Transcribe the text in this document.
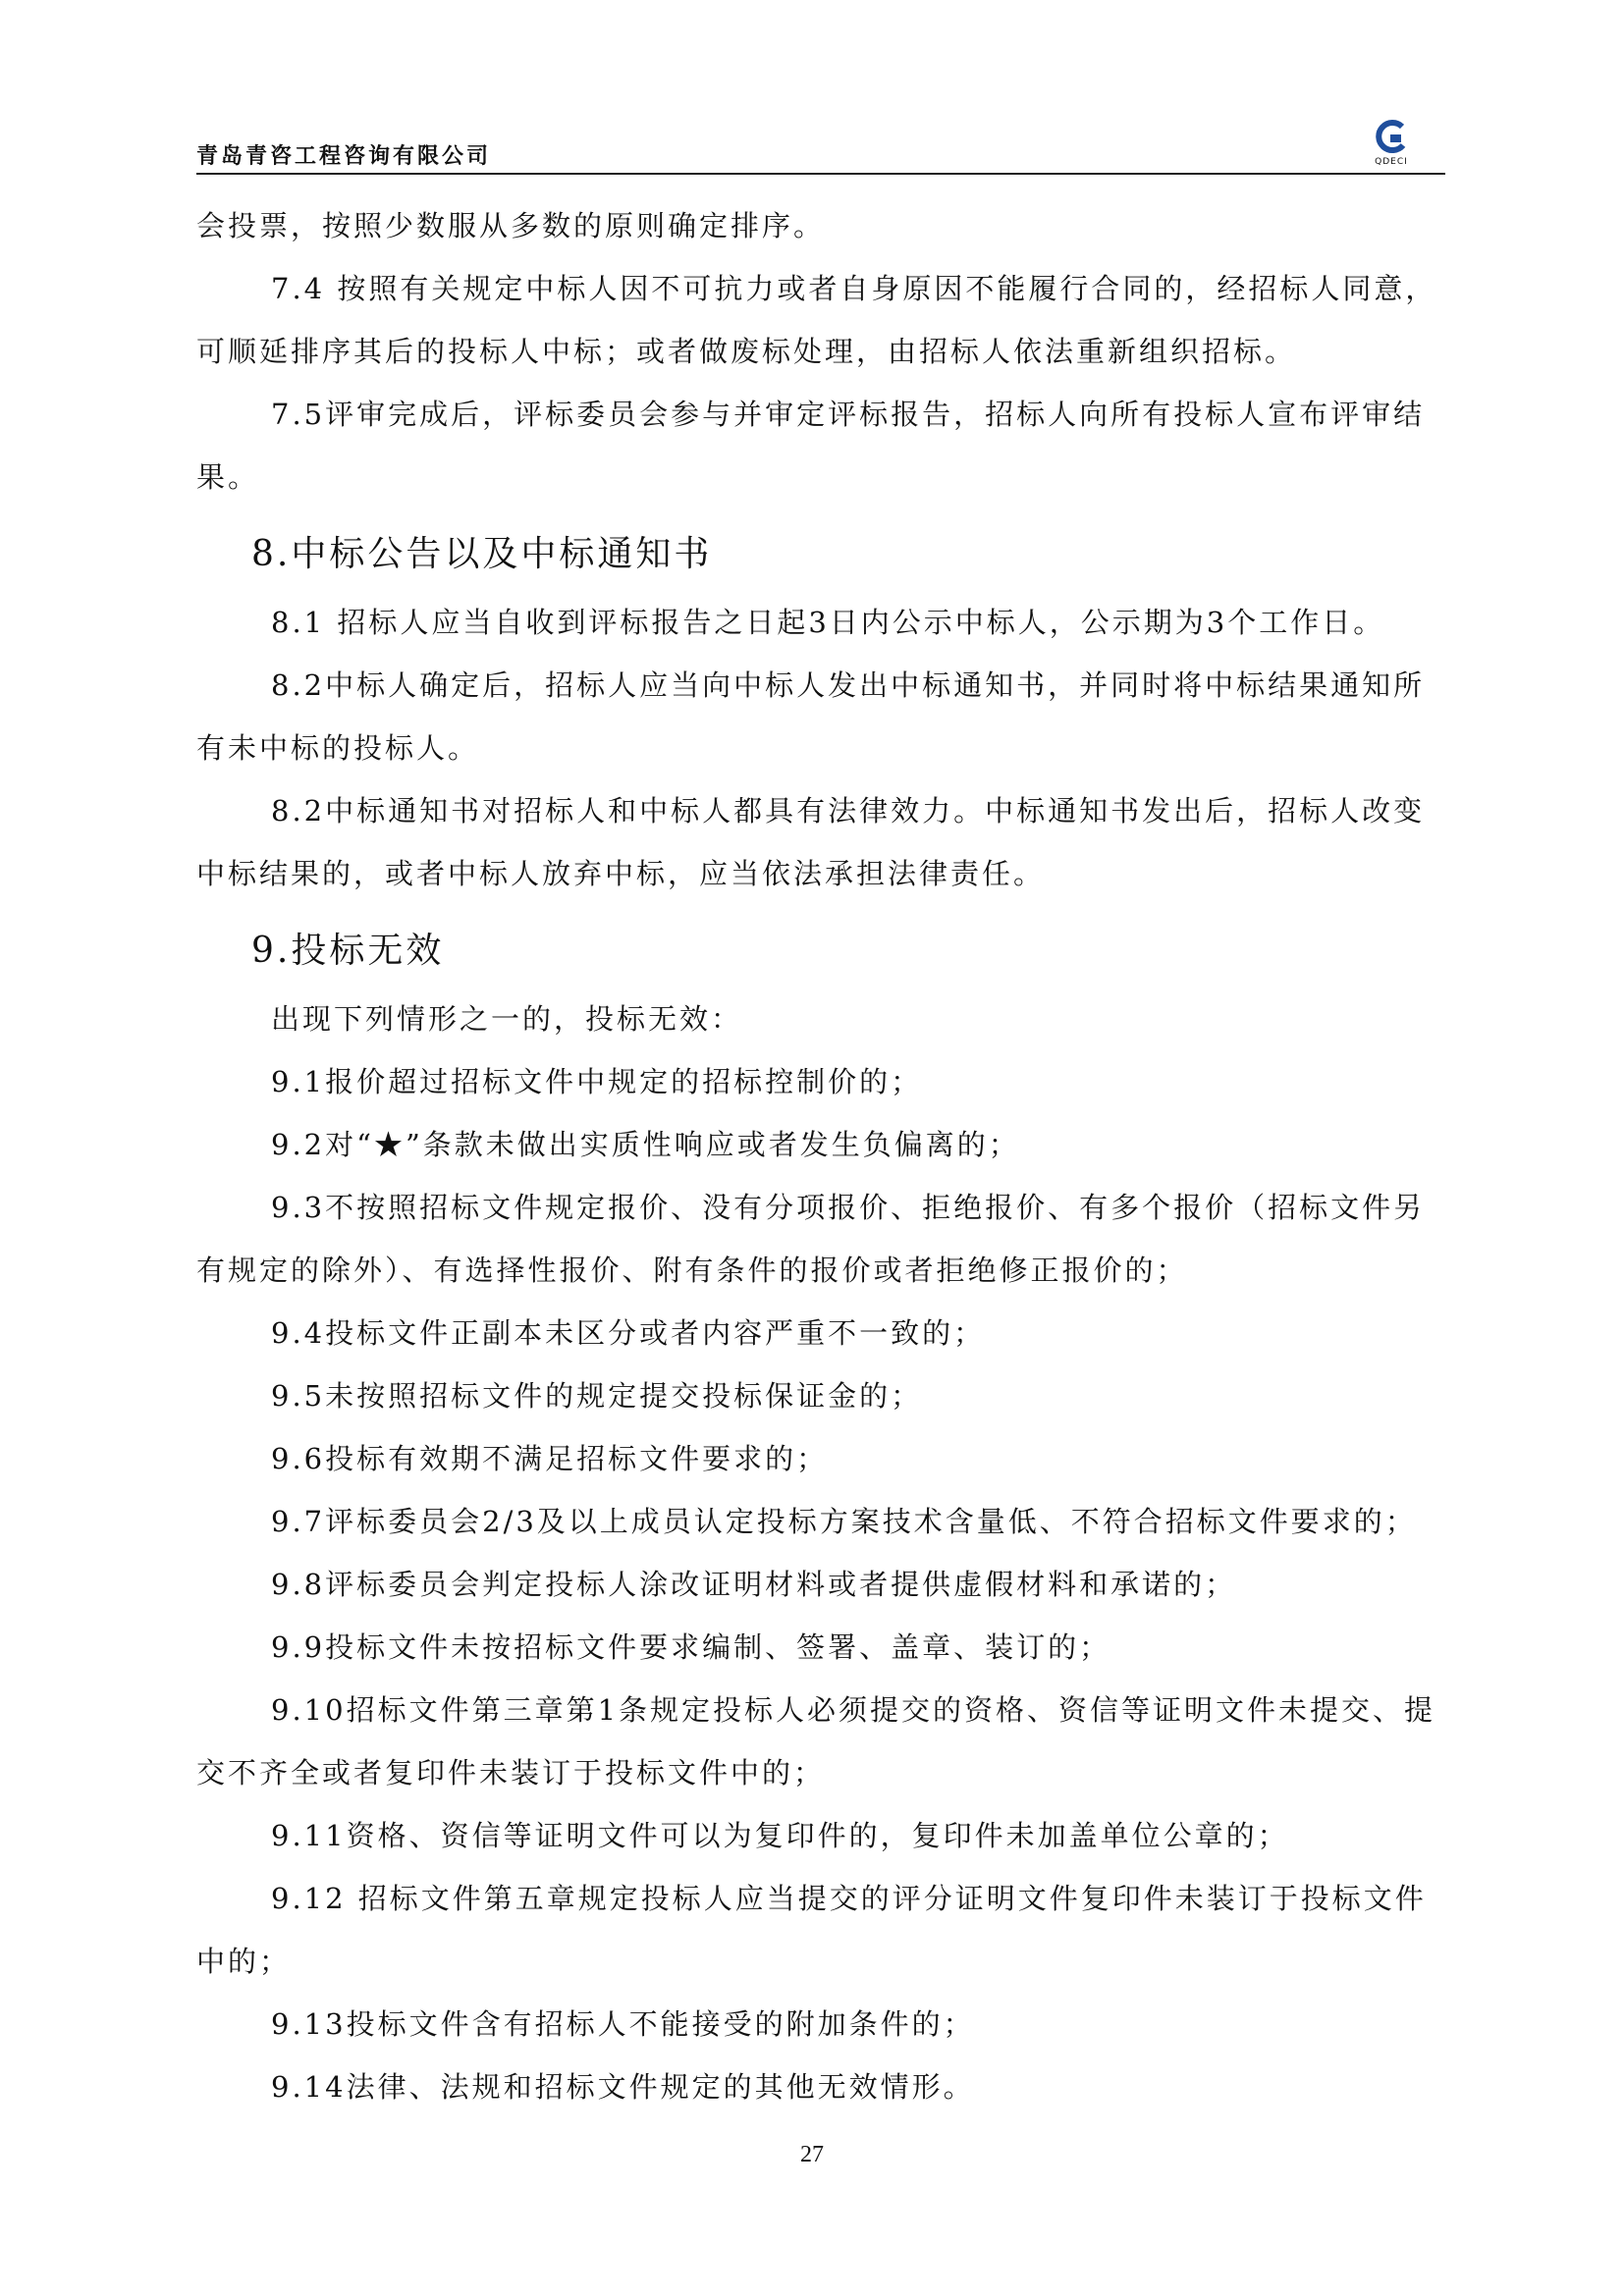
青岛青咨工程咨询有限公司	QDECI

会投票，按照少数服从多数的原则确定排序。

7.4 按照有关规定中标人因不可抗力或者自身原因不能履行合同的，经招标人同意，可顺延排序其后的投标人中标；或者做废标处理，由招标人依法重新组织招标。

7.5评审完成后，评标委员会参与并审定评标报告，招标人向所有投标人宣布评审结果。

8.中标公告以及中标通知书

8.1 招标人应当自收到评标报告之日起3日内公示中标人，公示期为3个工作日。

8.2中标人确定后，招标人应当向中标人发出中标通知书，并同时将中标结果通知所有未中标的投标人。

8.2中标通知书对招标人和中标人都具有法律效力。中标通知书发出后，招标人改变中标结果的，或者中标人放弃中标，应当依法承担法律责任。

9.投标无效

出现下列情形之一的，投标无效：

9.1报价超过招标文件中规定的招标控制价的；

9.2对“★”条款未做出实质性响应或者发生负偏离的；

9.3不按照招标文件规定报价、没有分项报价、拒绝报价、有多个报价（招标文件另有规定的除外）、有选择性报价、附有条件的报价或者拒绝修正报价的；

9.4投标文件正副本未区分或者内容严重不一致的；

9.5未按照招标文件的规定提交投标保证金的；

9.6投标有效期不满足招标文件要求的；

9.7评标委员会2/3及以上成员认定投标方案技术含量低、不符合招标文件要求的；

9.8评标委员会判定投标人涂改证明材料或者提供虚假材料和承诺的；

9.9投标文件未按招标文件要求编制、签署、盖章、装订的；

9.10招标文件第三章第1条规定投标人必须提交的资格、资信等证明文件未提交、提交不齐全或者复印件未装订于投标文件中的；

9.11资格、资信等证明文件可以为复印件的，复印件未加盖单位公章的；

9.12 招标文件第五章规定投标人应当提交的评分证明文件复印件未装订于投标文件中的；

9.13投标文件含有招标人不能接受的附加条件的；

9.14法律、法规和招标文件规定的其他无效情形。

27
